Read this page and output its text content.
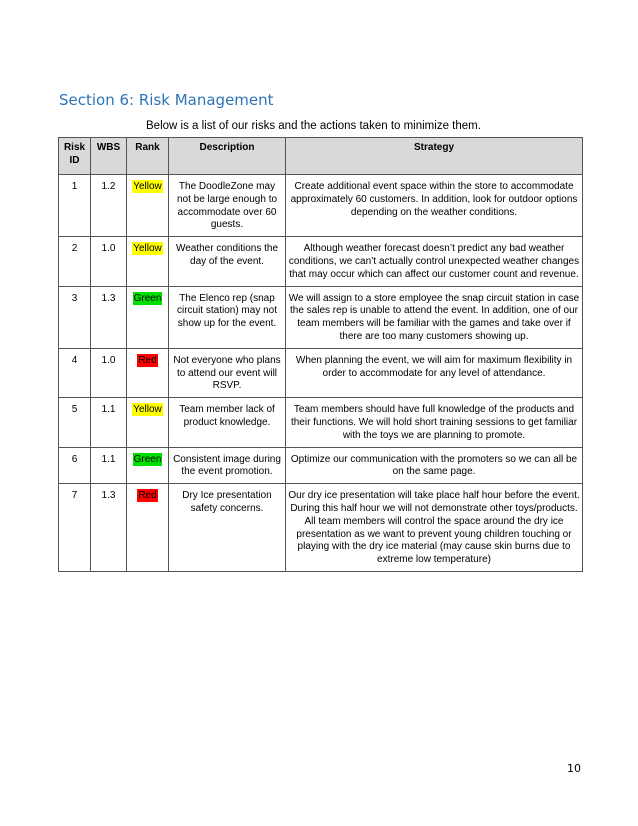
Section 6: Risk Management
Below is a list of our risks and the actions taken to minimize them.
Risk ID	WBS	Rank	Description	Strategy
1	1.2	Yellow	The DoodleZone may not be large enough to accommodate over 60 guests.	Create additional event space within the store to accommodate approximately 60 customers. In addition, look for outdoor options depending on the weather conditions.
2	1.0	Yellow	Weather conditions the day of the event.	Although weather forecast doesn’t predict any bad weather conditions, we can’t actually control unexpected weather changes that may occur which can affect our customer count and revenue.
3	1.3	Green	The Elenco rep (snap circuit station) may not show up for the event.	We will assign to a store employee the snap circuit station in case the sales rep is unable to attend the event. In addition, one of our team members will be familiar with the games and take over if there are too many customers showing up.
4	1.0	Red	Not everyone who plans to attend our event will RSVP.	When planning the event, we will aim for maximum flexibility in order to accommodate for any level of attendance.
5	1.1	Yellow	Team member lack of product knowledge.	Team members should have full knowledge of the products and their functions. We will hold short training sessions to get familiar with the toys we are planning to promote.
6	1.1	Green	Consistent image during the event promotion.	Optimize our communication with the promoters so we can all be on the same page.
7	1.3	Red	Dry Ice presentation safety concerns.	Our dry ice presentation will take place half hour before the event. During this half hour we will not demonstrate other toys/products. All team members will control the space around the dry ice presentation as we want to prevent young children touching or playing with the dry ice material (may cause skin burns due to extreme low temperature)
10
